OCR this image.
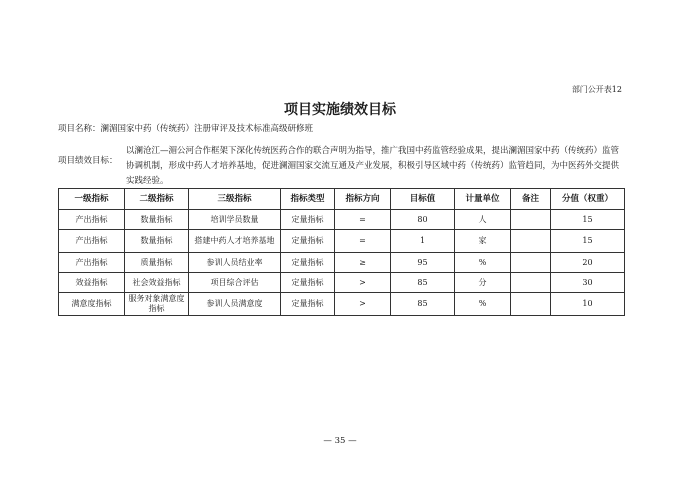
部门公开表12
项目实施绩效目标
项目名称：澜湄国家中药（传统药）注册审评及技术标准高级研修班
项目绩效目标：
以澜沧江—湄公河合作框架下深化传统医药合作的联合声明为指导，推广我国中药监管经验成果，提出澜湄国家中药（传统药）监管协调机制，形成中药人才培养基地，促进澜湄国家交流互通及产业发展，积极引导区域中药（传统药）监管趋同，为中医药外交提供实践经验。
一级指标	二级指标	三级指标	指标类型	指标方向	目标值	计量单位	备注	分值（权重）
产出指标	数量指标	培训学员数量	定量指标	=	80	人		15
产出指标	数量指标	搭建中药人才培养基地	定量指标	=	1	家		15
产出指标	质量指标	参训人员结业率	定量指标	≥	95	%		20
效益指标	社会效益指标	项目综合评估	定量指标	>	85	分		30
满意度指标	服务对象满意度指标	参训人员满意度	定量指标	>	85	%		10
— 35 —
